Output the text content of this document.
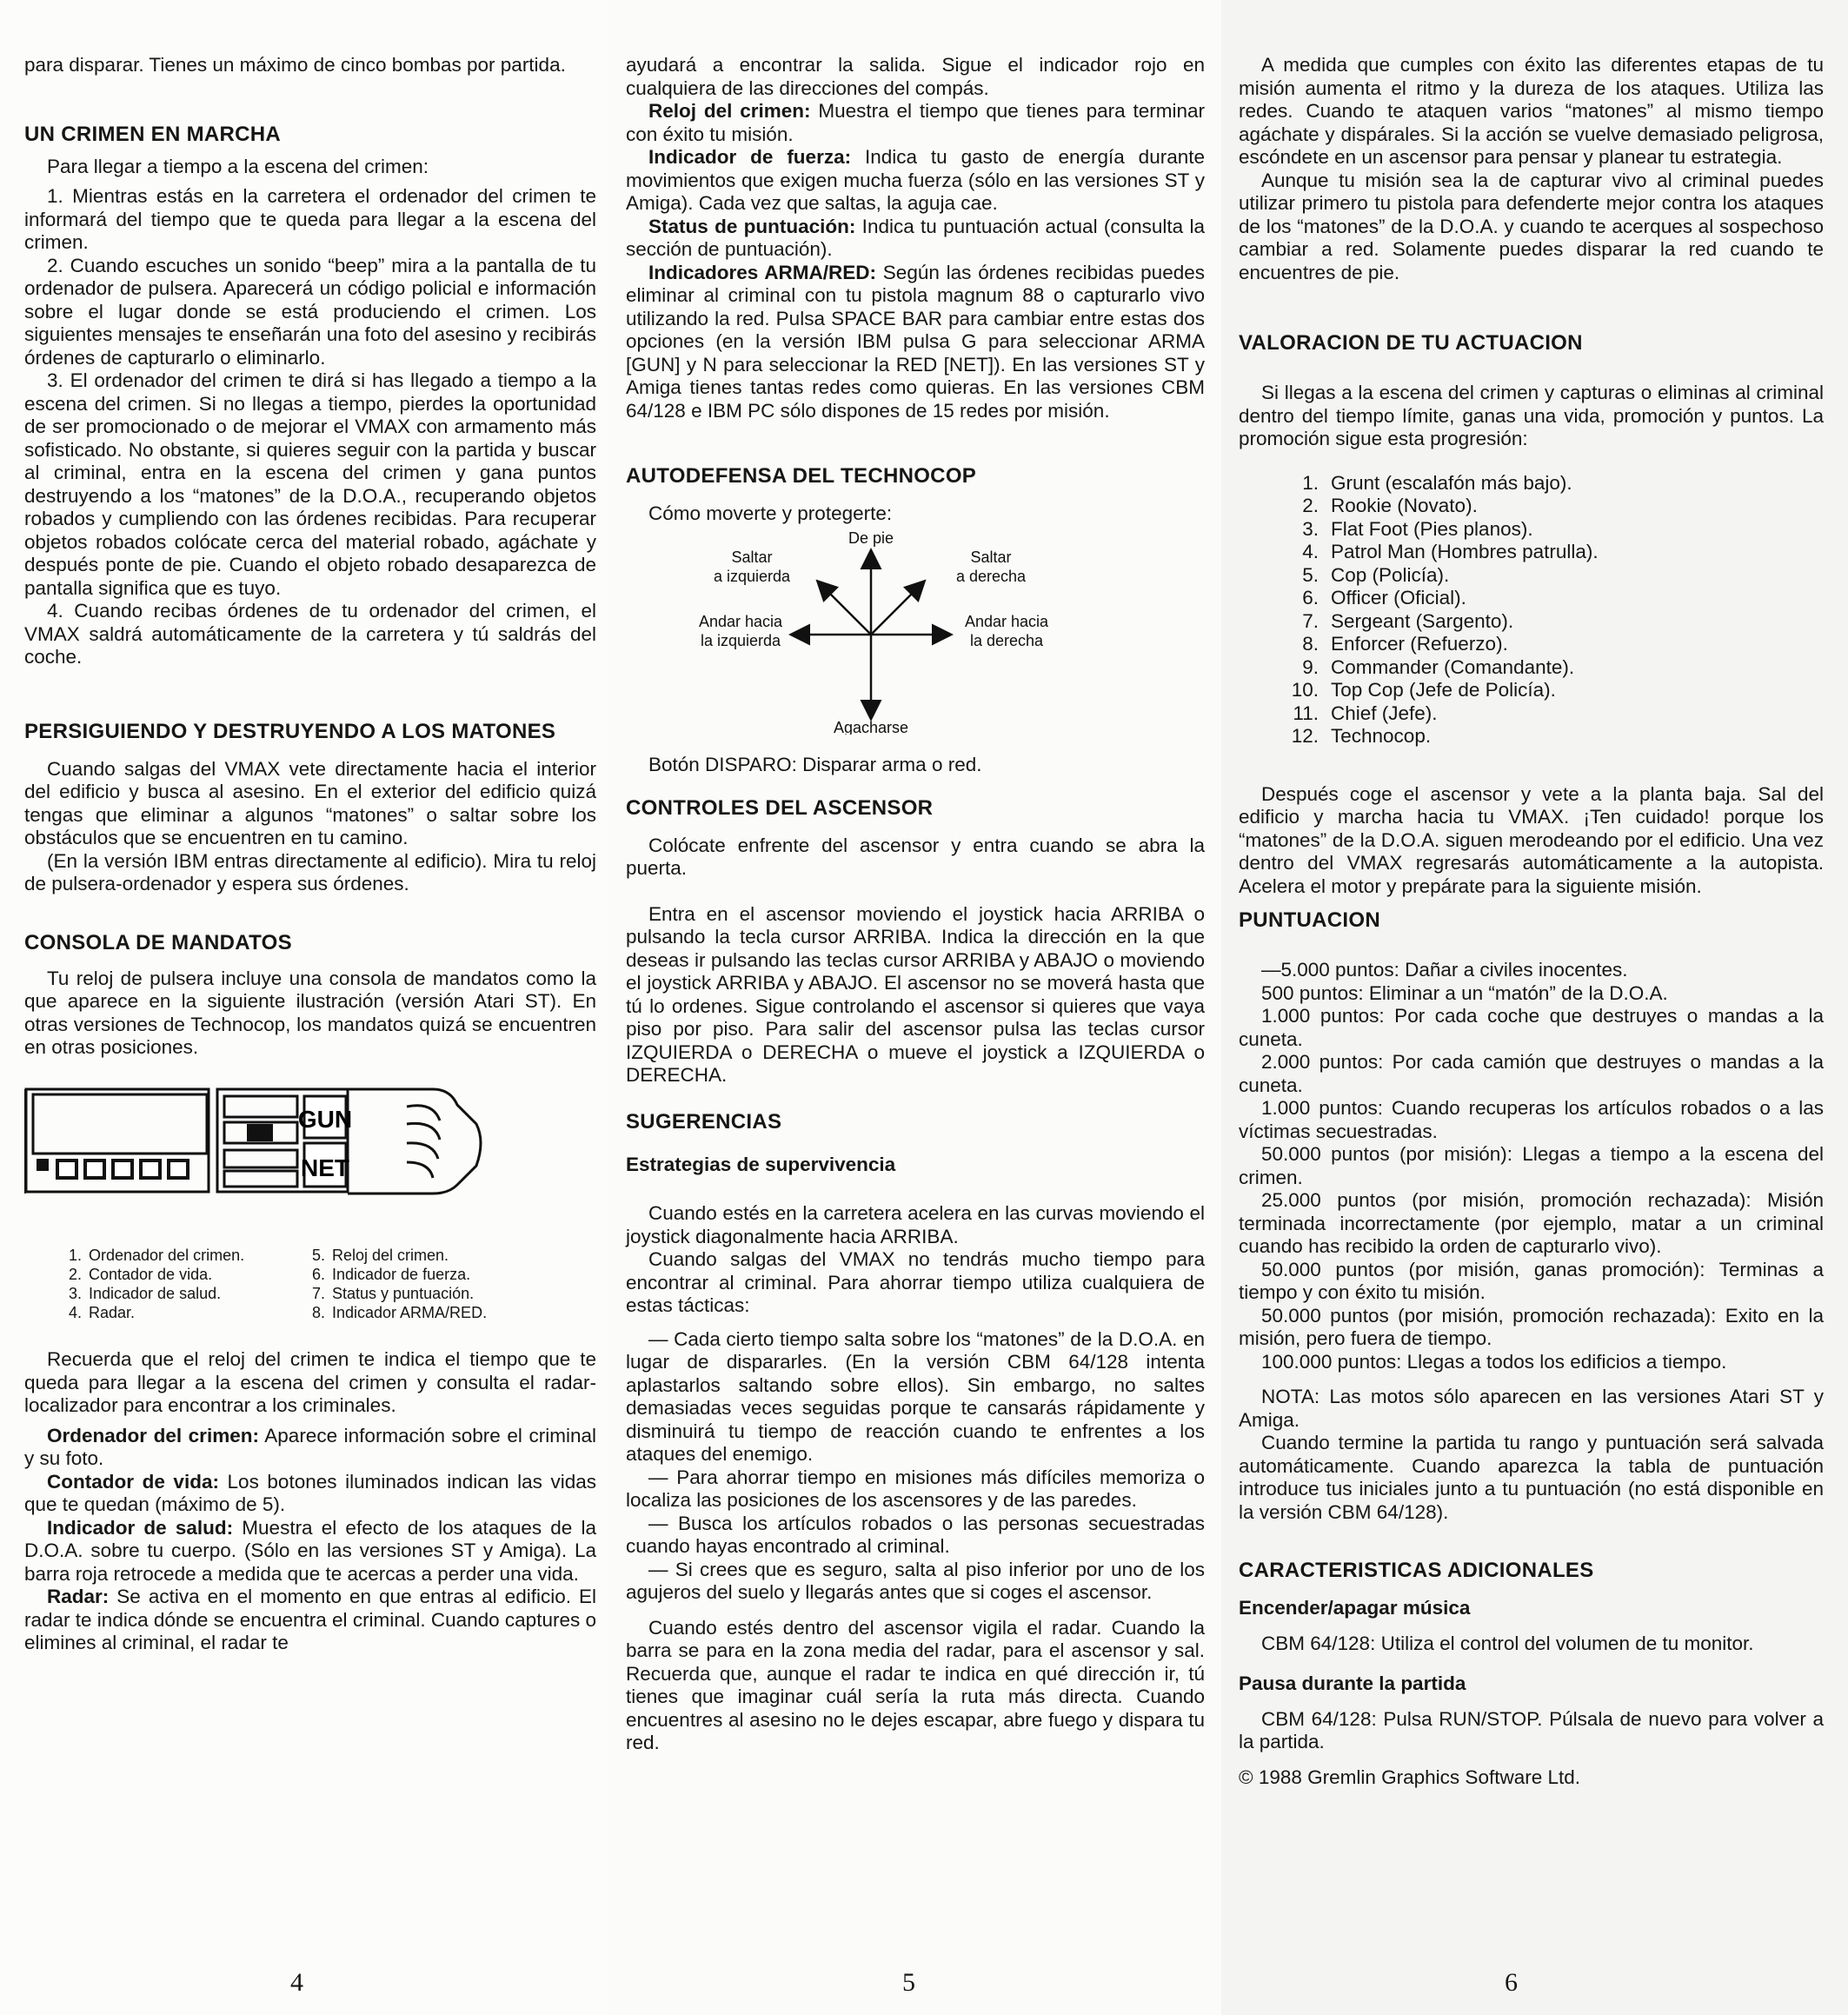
para disparar. Tienes un máximo de cinco bombas por partida.

UN CRIMEN EN MARCHA

Para llegar a tiempo a la escena del crimen:

1. Mientras estás en la carretera el ordenador del crimen te informará del tiempo que te queda para llegar a la escena del crimen.

2. Cuando escuches un sonido “beep” mira a la pantalla de tu ordenador de pulsera. Aparecerá un código policial e información sobre el lugar donde se está produciendo el crimen. Los siguientes mensajes te enseñarán una foto del asesino y recibirás órdenes de capturarlo o eliminarlo.

3. El ordenador del crimen te dirá si has llegado a tiempo a la escena del crimen. Si no llegas a tiempo, pierdes la oportunidad de ser promocionado o de mejorar el VMAX con armamento más sofisticado. No obstante, si quieres seguir con la partida y buscar al criminal, entra en la escena del crimen y gana puntos destruyendo a los “matones” de la D.O.A., recuperando objetos robados y cumpliendo con las órdenes recibidas. Para recuperar objetos robados colócate cerca del material robado, agáchate y después ponte de pie. Cuando el objeto robado desaparezca de pantalla significa que es tuyo.

4. Cuando recibas órdenes de tu ordenador del crimen, el VMAX saldrá automáticamente de la carretera y tú saldrás del coche.

PERSIGUIENDO Y DESTRUYENDO A LOS MATONES

Cuando salgas del VMAX vete directamente hacia el interior del edificio y busca al asesino. En el exterior del edificio quizá tengas que eliminar a algunos “matones” o saltar sobre los obstáculos que se encuentren en tu camino.

(En la versión IBM entras directamente al edificio). Mira tu reloj de pulsera-ordenador y espera sus órdenes.

CONSOLA DE MANDATOS

Tu reloj de pulsera incluye una consola de mandatos como la que aparece en la siguiente ilustración (versión Atari ST). En otras versiones de Technocop, los mandatos quizá se encuentren en otras posiciones.

GUN
NET
1. Ordenador del crimen.	5. Reloj del crimen.
2. Contador de vida.	6. Indicador de fuerza.
3. Indicador de salud.	7. Status y puntuación.
4. Radar.	8. Indicador ARMA/RED.

Recuerda que el reloj del crimen te indica el tiempo que te queda para llegar a la escena del crimen y consulta el radar-localizador para encontrar a los criminales.

Ordenador del crimen: Aparece información sobre el criminal y su foto.

Contador de vida: Los botones iluminados indican las vidas que te quedan (máximo de 5).

Indicador de salud: Muestra el efecto de los ataques de la D.O.A. sobre tu cuerpo. (Sólo en las versiones ST y Amiga). La barra roja retrocede a medida que te acercas a perder una vida.

Radar: Se activa en el momento en que entras al edificio. El radar te indica dónde se encuentra el criminal. Cuando captures o elimines al criminal, el radar te

4

ayudará a encontrar la salida. Sigue el indicador rojo en cualquiera de las direcciones del compás.

Reloj del crimen: Muestra el tiempo que tienes para terminar con éxito tu misión.

Indicador de fuerza: Indica tu gasto de energía durante movimientos que exigen mucha fuerza (sólo en las versiones ST y Amiga). Cada vez que saltas, la aguja cae.

Status de puntuación: Indica tu puntuación actual (consulta la sección de puntuación).

Indicadores ARMA/RED: Según las órdenes recibidas puedes eliminar al criminal con tu pistola magnum 88 o capturarlo vivo utilizando la red. Pulsa SPACE BAR para cambiar entre estas dos opciones (en la versión IBM pulsa G para seleccionar ARMA [GUN] y N para seleccionar la RED [NET]). En las versiones ST y Amiga tienes tantas redes como quieras. En las versiones CBM 64/128 e IBM PC sólo dispones de 15 redes por misión.

AUTODEFENSA DEL TECHNOCOP

Cómo moverte y protegerte:

De pie
Saltar
a izquierda
Saltar
a derecha
Andar hacia
la izquierda
Andar hacia
la derecha
Agacharse

Botón DISPARO: Disparar arma o red.

CONTROLES DEL ASCENSOR

Colócate enfrente del ascensor y entra cuando se abra la puerta.

Entra en el ascensor moviendo el joystick hacia ARRIBA o pulsando la tecla cursor ARRIBA. Indica la dirección en la que deseas ir pulsando las teclas cursor ARRIBA y ABAJO o moviendo el joystick ARRIBA y ABAJO. El ascensor no se moverá hasta que tú lo ordenes. Sigue controlando el ascensor si quieres que vaya piso por piso. Para salir del ascensor pulsa las teclas cursor IZQUIERDA o DERECHA o mueve el joystick a IZQUIERDA o DERECHA.

SUGERENCIAS
Estrategias de supervivencia

Cuando estés en la carretera acelera en las curvas moviendo el joystick diagonalmente hacia ARRIBA.

Cuando salgas del VMAX no tendrás mucho tiempo para encontrar al criminal. Para ahorrar tiempo utiliza cualquiera de estas tácticas:

— Cada cierto tiempo salta sobre los “matones” de la D.O.A. en lugar de dispararles. (En la versión CBM 64/128 intenta aplastarlos saltando sobre ellos). Sin embargo, no saltes demasiadas veces seguidas porque te cansarás rápidamente y disminuirá tu tiempo de reacción cuando te enfrentes a los ataques del enemigo.

— Para ahorrar tiempo en misiones más difíciles memoriza o localiza las posiciones de los ascensores y de las paredes.

— Busca los artículos robados o las personas secuestradas cuando hayas encontrado al criminal.

— Si crees que es seguro, salta al piso inferior por uno de los agujeros del suelo y llegarás antes que si coges el ascensor.

Cuando estés dentro del ascensor vigila el radar. Cuando la barra se para en la zona media del radar, para el ascensor y sal. Recuerda que, aunque el radar te indica en qué dirección ir, tú tienes que imaginar cuál sería la ruta más directa. Cuando encuentres al asesino no le dejes escapar, abre fuego y dispara tu red.

5

A medida que cumples con éxito las diferentes etapas de tu misión aumenta el ritmo y la dureza de los ataques. Utiliza las redes. Cuando te ataquen varios “matones” al mismo tiempo agáchate y dispárales. Si la acción se vuelve demasiado peligrosa, escóndete en un ascensor para pensar y planear tu estrategia.

Aunque tu misión sea la de capturar vivo al criminal puedes utilizar primero tu pistola para defenderte mejor contra los ataques de los “matones” de la D.O.A. y cuando te acerques al sospechoso cambiar a red. Solamente puedes disparar la red cuando te encuentres de pie.

VALORACION DE TU ACTUACION

Si llegas a la escena del crimen y capturas o eliminas al criminal dentro del tiempo límite, ganas una vida, promoción y puntos. La promoción sigue esta progresión:

1. Grunt (escalafón más bajo).
2. Rookie (Novato).
3. Flat Foot (Pies planos).
4. Patrol Man (Hombres patrulla).
5. Cop (Policía).
6. Officer (Oficial).
7. Sergeant (Sargento).
8. Enforcer (Refuerzo).
9. Commander (Comandante).
10. Top Cop (Jefe de Policía).
11. Chief (Jefe).
12. Technocop.

Después coge el ascensor y vete a la planta baja. Sal del edificio y marcha hacia tu VMAX. ¡Ten cuidado! porque los “matones” de la D.O.A. siguen merodeando por el edificio. Una vez dentro del VMAX regresarás automáticamente a la autopista. Acelera el motor y prepárate para la siguiente misión.

PUNTUACION

—5.000 puntos: Dañar a civiles inocentes.

500 puntos: Eliminar a un “matón” de la D.O.A.

1.000 puntos: Por cada coche que destruyes o mandas a la cuneta.

2.000 puntos: Por cada camión que destruyes o mandas a la cuneta.

1.000 puntos: Cuando recuperas los artículos robados o a las víctimas secuestradas.

50.000 puntos (por misión): Llegas a tiempo a la escena del crimen.

25.000 puntos (por misión, promoción rechazada): Misión terminada incorrectamente (por ejemplo, matar a un criminal cuando has recibido la orden de capturarlo vivo).

50.000 puntos (por misión, ganas promoción): Terminas a tiempo y con éxito tu misión.

50.000 puntos (por misión, promoción rechazada): Exito en la misión, pero fuera de tiempo.

100.000 puntos: Llegas a todos los edificios a tiempo.

NOTA: Las motos sólo aparecen en las versiones Atari ST y Amiga.

Cuando termine la partida tu rango y puntuación será salvada automáticamente. Cuando aparezca la tabla de puntuación introduce tus iniciales junto a tu puntuación (no está disponible en la versión CBM 64/128).

CARACTERISTICAS ADICIONALES
Encender/apagar música

CBM 64/128: Utiliza el control del volumen de tu monitor.

Pausa durante la partida

CBM 64/128: Pulsa RUN/STOP. Púlsala de nuevo para volver a la partida.

© 1988 Gremlin Graphics Software Ltd.

6
